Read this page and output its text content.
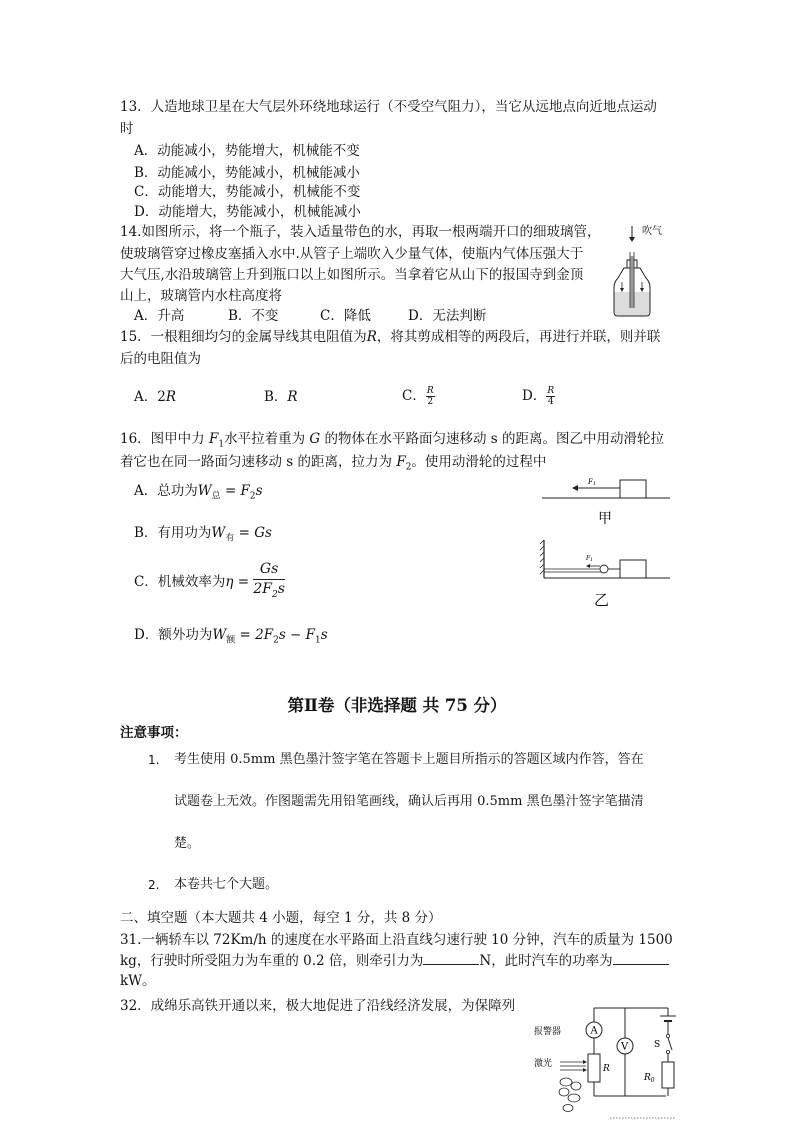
13．人造地球卫星在大气层外环绕地球运行（不受空气阻力），当它从远地点向近地点运动
时
A．动能减小，势能增大，机械能不变
B．动能减小，势能减小，机械能减小
C．动能增大，势能减小，机械能不变
D．动能增大，势能减小，机械能减小
14.如图所示，将一个瓶子，装入适量带色的水，再取一根两端开口的细玻璃管，
使玻璃管穿过橡皮塞插入水中.从管子上端吹入少量气体，使瓶内气体压强大于
大气压,水沿玻璃管上升到瓶口以上如图所示。当拿着它从山下的报国寺到金顶
山上，玻璃管内水柱高度将
A．升高	B．不变	C．降低	D．无法判断
吹气
15．一根粗细均匀的金属导线其电阻值为R，将其剪成相等的两段后，再进行并联，则并联
后的电阻值为
A．2R	B．R	C． $\frac{R}{2}$	D． $\frac{R}{4}$
16．图甲中力 $F_1$水平拉着重为 G 的物体在水平路面匀速移动 s 的距离。图乙中用动滑轮拉
着它也在同一路面匀速移动 s 的距离，拉力为 $F_2$。使用动滑轮的过程中
A．总功为$W_总 = F_2s$
B．有用功为$W_有 = Gs$
C．机械效率为$\eta = \frac{Gs}{2F_2s}$
D．额外功为$W_额 = 2F_2s - F_1s$
F1
甲
F1
乙
第Ⅱ卷（非选择题 共 75 分）
注意事项：
1. 考生使用 0.5mm 黑色墨汁签字笔在答题卡上题目所指示的答题区域内作答，答在
试题卷上无效。作图题需先用铅笔画线，确认后再用 0.5mm 黑色墨汁签字笔描清
楚。
2. 本卷共七个大题。
二、填空题（本大题共 4 小题，每空 1 分，共 8 分）
31.一辆轿车以 72Km/h 的速度在水平路面上沿直线匀速行驶 10 分钟，汽车的质量为 1500
kg，行驶时所受阻力为车重的 0.2 倍，则牵引力为	N，此时汽车的功率为
kW。
32．成绵乐高铁开通以来，极大地促进了沿线经济发展，为保障列
S
$R_0$
A
报警器
R
V
激光
